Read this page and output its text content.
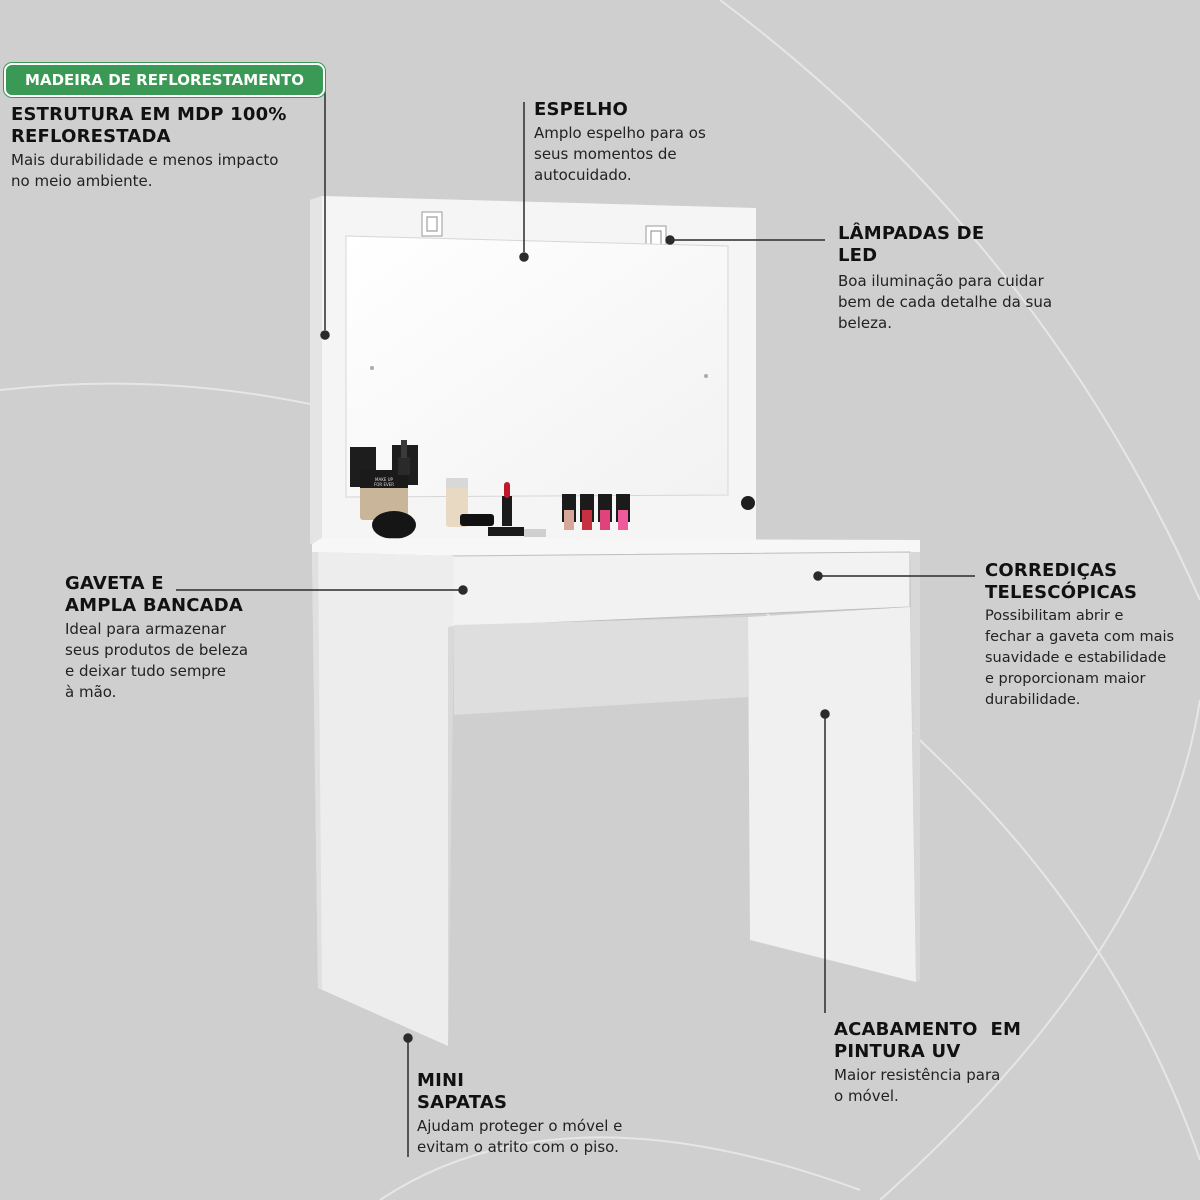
MAKE UP
FOR EVER
MADEIRA DE REFLORESTAMENTO
ESTRUTURA EM MDP 100%
REFLORESTADA
Mais durabilidade e menos impacto
no meio ambiente.
ESPELHO
Amplo espelho para os
seus momentos de
autocuidado.
LÂMPADAS DE
LED
Boa iluminação para cuidar
bem de cada detalhe da sua
beleza.
GAVETA E
AMPLA BANCADA
Ideal para armazenar
seus produtos de beleza
e deixar tudo sempre
à mão.
CORREDIÇAS
TELESCÓPICAS
Possibilitam abrir e
fechar a gaveta com mais
suavidade e estabilidade
e proporcionam maior
durabilidade.
ACABAMENTO  EM
PINTURA UV
Maior resistência para
o móvel.
MINI
SAPATAS
Ajudam proteger o móvel e
evitam o atrito com o piso.
